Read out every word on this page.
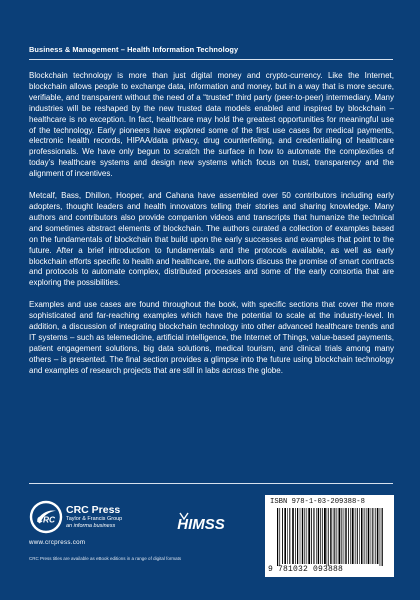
Business & Management – Health Information Technology

Blockchain technology is more than just digital money and crypto-currency. Like the Internet, blockchain allows people to exchange data, information and money, but in a way that is more secure, verifiable, and transparent without the need of a “trusted” third party (peer-to-peer) intermediary. Many industries will be reshaped by the new trusted data models enabled and inspired by blockchain – healthcare is no exception. In fact, healthcare may hold the greatest opportunities for meaningful use of the technology. Early pioneers have explored some of the first use cases for medical payments, electronic health records, HIPAA/data privacy, drug counterfeiting, and credentialing of healthcare professionals. We have only begun to scratch the surface in how to automate the complexities of today’s healthcare systems and design new systems which focus on trust, transparency and the alignment of incentives.

Metcalf, Bass, Dhillon, Hooper, and Cahana have assembled over 50 contributors including early adopters, thought leaders and health innovators telling their stories and sharing knowledge. Many authors and contributors also provide companion videos and transcripts that humanize the technical and sometimes abstract elements of blockchain. The authors curated a collection of examples based on the fundamentals of blockchain that build upon the early successes and examples that point to the future. After a brief introduction to fundamentals and the protocols available, as well as early blockchain efforts specific to health and healthcare, the authors discuss the promise of smart contracts and protocols to automate complex, distributed processes and some of the early consortia that are exploring the possibilities.

Examples and use cases are found throughout the book, with specific sections that cover the more sophisticated and far-reaching examples which have the potential to scale at the industry-level. In addition, a discussion of integrating blockchain technology into other advanced healthcare trends and IT systems – such as telemedicine, artificial intelligence, the Internet of Things, value-based payments, patient engagement solutions, big data solutions, medical tourism, and clinical trials among many others – is presented. The final section provides a glimpse into the future using blockchain technology and examples of research projects that are still in labs across the globe.

CRC
CRC Press
Taylor & Francis Group
an informa business
www.crcpress.com
CRC Press titles are available as eBook editions in a range of digital formats
HIMSS
ISBN 978-1-03-209388-8
9 781032 093888
